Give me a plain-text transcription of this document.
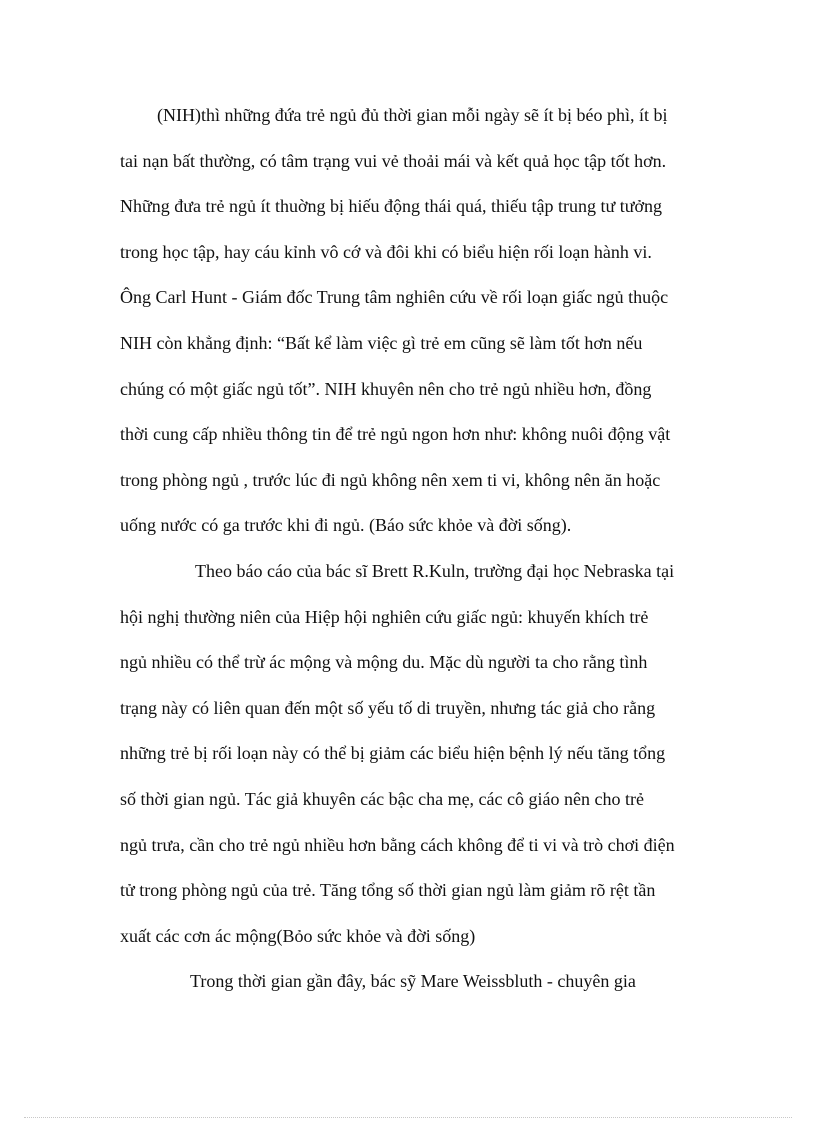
(NIH)thì những đứa trẻ ngủ đủ thời gian mỗi ngày sẽ ít bị béo phì, ít bị
tai nạn bất thường, có tâm trạng vui vẻ thoải mái và kết quả học tập tốt hơn.
Những đưa trẻ ngủ ít thuờng bị hiếu động thái quá, thiếu tập trung tư tưởng
trong học tập, hay cáu kỉnh vô cớ và đôi khi có biểu hiện rối loạn hành vi.
Ông Carl Hunt - Giám đốc Trung tâm nghiên cứu về rối loạn giấc ngủ thuộc
NIH còn khẳng định: “Bất kể làm việc gì trẻ em cũng sẽ làm tốt hơn nếu
chúng có một giấc ngủ tốt”. NIH khuyên nên cho trẻ ngủ nhiều hơn, đồng
thời cung cấp nhiều thông tin để trẻ ngủ ngon hơn như: không nuôi động vật
trong phòng ngủ , trước lúc đi ngủ không nên xem ti vi, không nên ăn hoặc
uống nước có ga trước khi đi ngủ. (Báo sức khỏe và đời sống).
Theo báo cáo của bác sĩ Brett R.Kuln, trường đại học Nebraska tại
hội nghị thường niên của Hiệp hội nghiên cứu giấc ngủ: khuyến khích trẻ
ngủ nhiều có thể trừ ác mộng và mộng du. Mặc dù người ta cho rằng tình
trạng này có liên quan đến một số yếu tố di truyền, nhưng tác giả cho rằng
những trẻ bị rối loạn này có thể bị giảm các biểu hiện bệnh lý nếu tăng tổng
số thời gian ngủ. Tác giả khuyên các bậc cha mẹ, các cô giáo nên cho trẻ
ngủ trưa, cần cho trẻ ngủ nhiều hơn bằng cách không để ti vi và trò chơi điện
tử trong phòng ngủ của trẻ. Tăng tổng số thời gian ngủ làm giảm rõ rệt tần
xuất các cơn ác mộng(Bỏo sức khỏe và đời sống)
Trong thời gian gần đây, bác sỹ Mare Weissbluth - chuyên gia
